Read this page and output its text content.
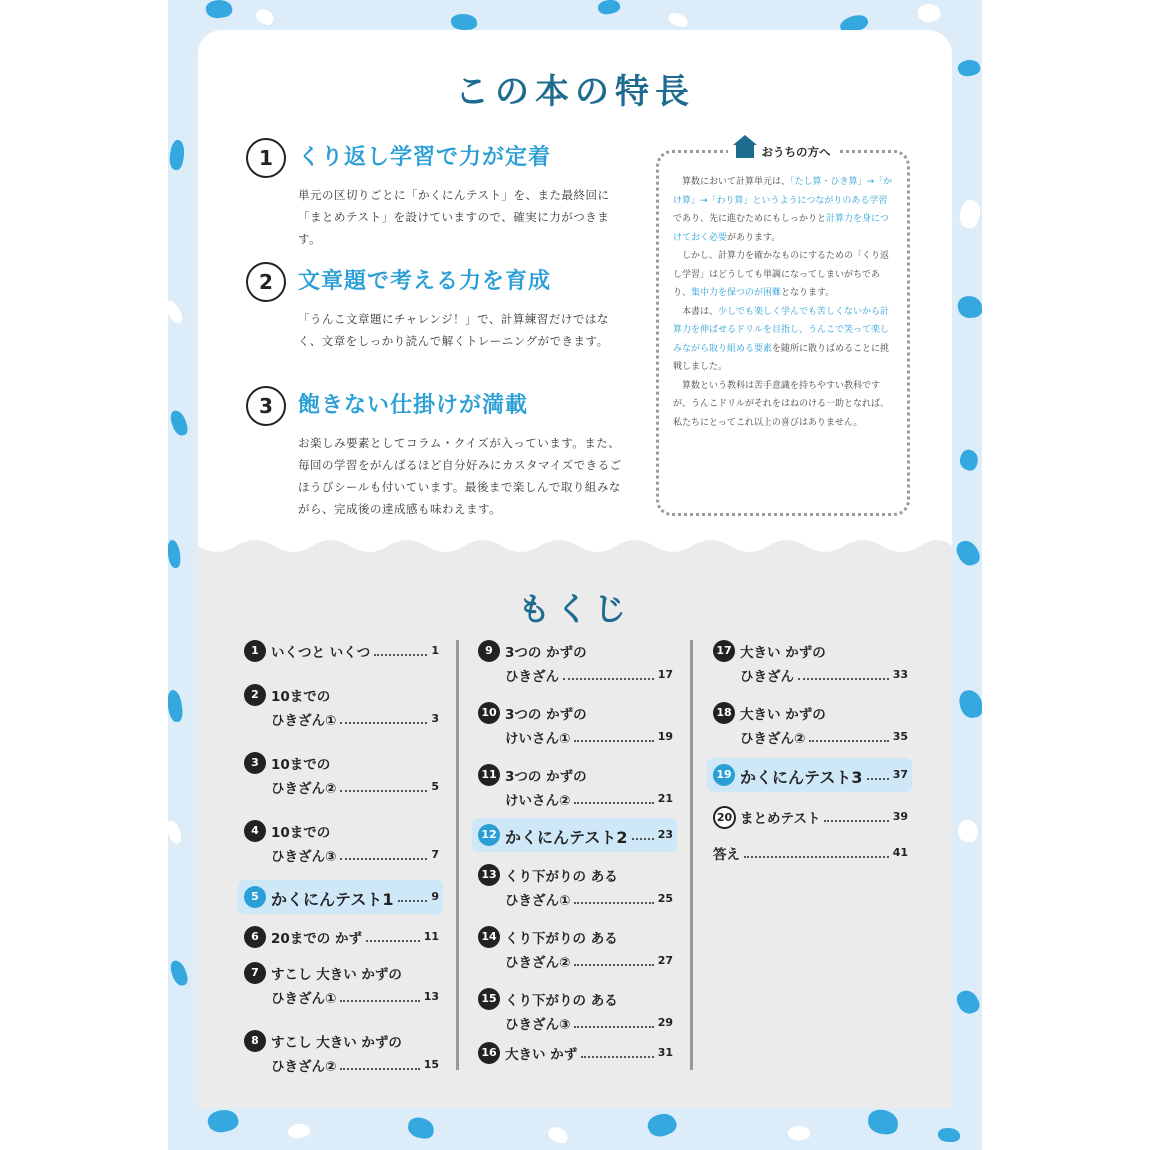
この本の特長
1	くり返し学習で力が定着
単元の区切りごとに「かくにんテスト」を、また最終回に「まとめテスト」を設けていますので、確実に力がつきます。
2	文章題で考える力を育成
「うんこ文章題にチャレンジ！」で、計算練習だけではなく、文章をしっかり読んで解くトレーニングができます。
3	飽きない仕掛けが満載
お楽しみ要素としてコラム・クイズが入っています。また、毎回の学習をがんばるほど自分好みにカスタマイズできるごほうびシールも付いています。最後まで楽しんで取り組みながら、完成後の達成感も味わえます。
おうちの方へ

算数において計算単元は、「たし算・ひき算」→「かけ算」→「わり算」というようにつながりのある学習であり、先に進むためにもしっかりと計算力を身につけておく必要があります。

しかし、計算力を確かなものにするための「くり返し学習」はどうしても単調になってしまいがちであり、集中力を保つのが困難となります。

本書は、少しでも楽しく学んでも苦しくないから計算力を伸ばせるドリルを目指し、うんこで笑って楽しみながら取り組める要素を随所に散りばめることに挑戦しました。

算数という教科は苦手意識を持ちやすい教科ですが、うんこドリルがそれをはねのける一助となれば、私たちにとってこれ以上の喜びはありません。

もくじ
1 いくつと いくつ	1
2 10までの
ひきざん①	3
3 10までの
ひきざん②	5
4 10までの
ひきざん③	7
5 かくにんテスト1	9
6 20までの かず	11
7 すこし 大きい かずの
ひきざん①	13
8 すこし 大きい かずの
ひきざん②	15
9 3つの かずの
ひきざん	17
10 3つの かずの
けいさん①	19
11 3つの かずの
けいさん②	21
12 かくにんテスト2	23
13 くり下がりの ある
ひきざん①	25
14 くり下がりの ある
ひきざん②	27
15 くり下がりの ある
ひきざん③	29
16 大きい かず	31
17 大きい かずの
ひきざん	33
18 大きい かずの
ひきざん②	35
19 かくにんテスト3	37
20 まとめテスト	39
答え	41
